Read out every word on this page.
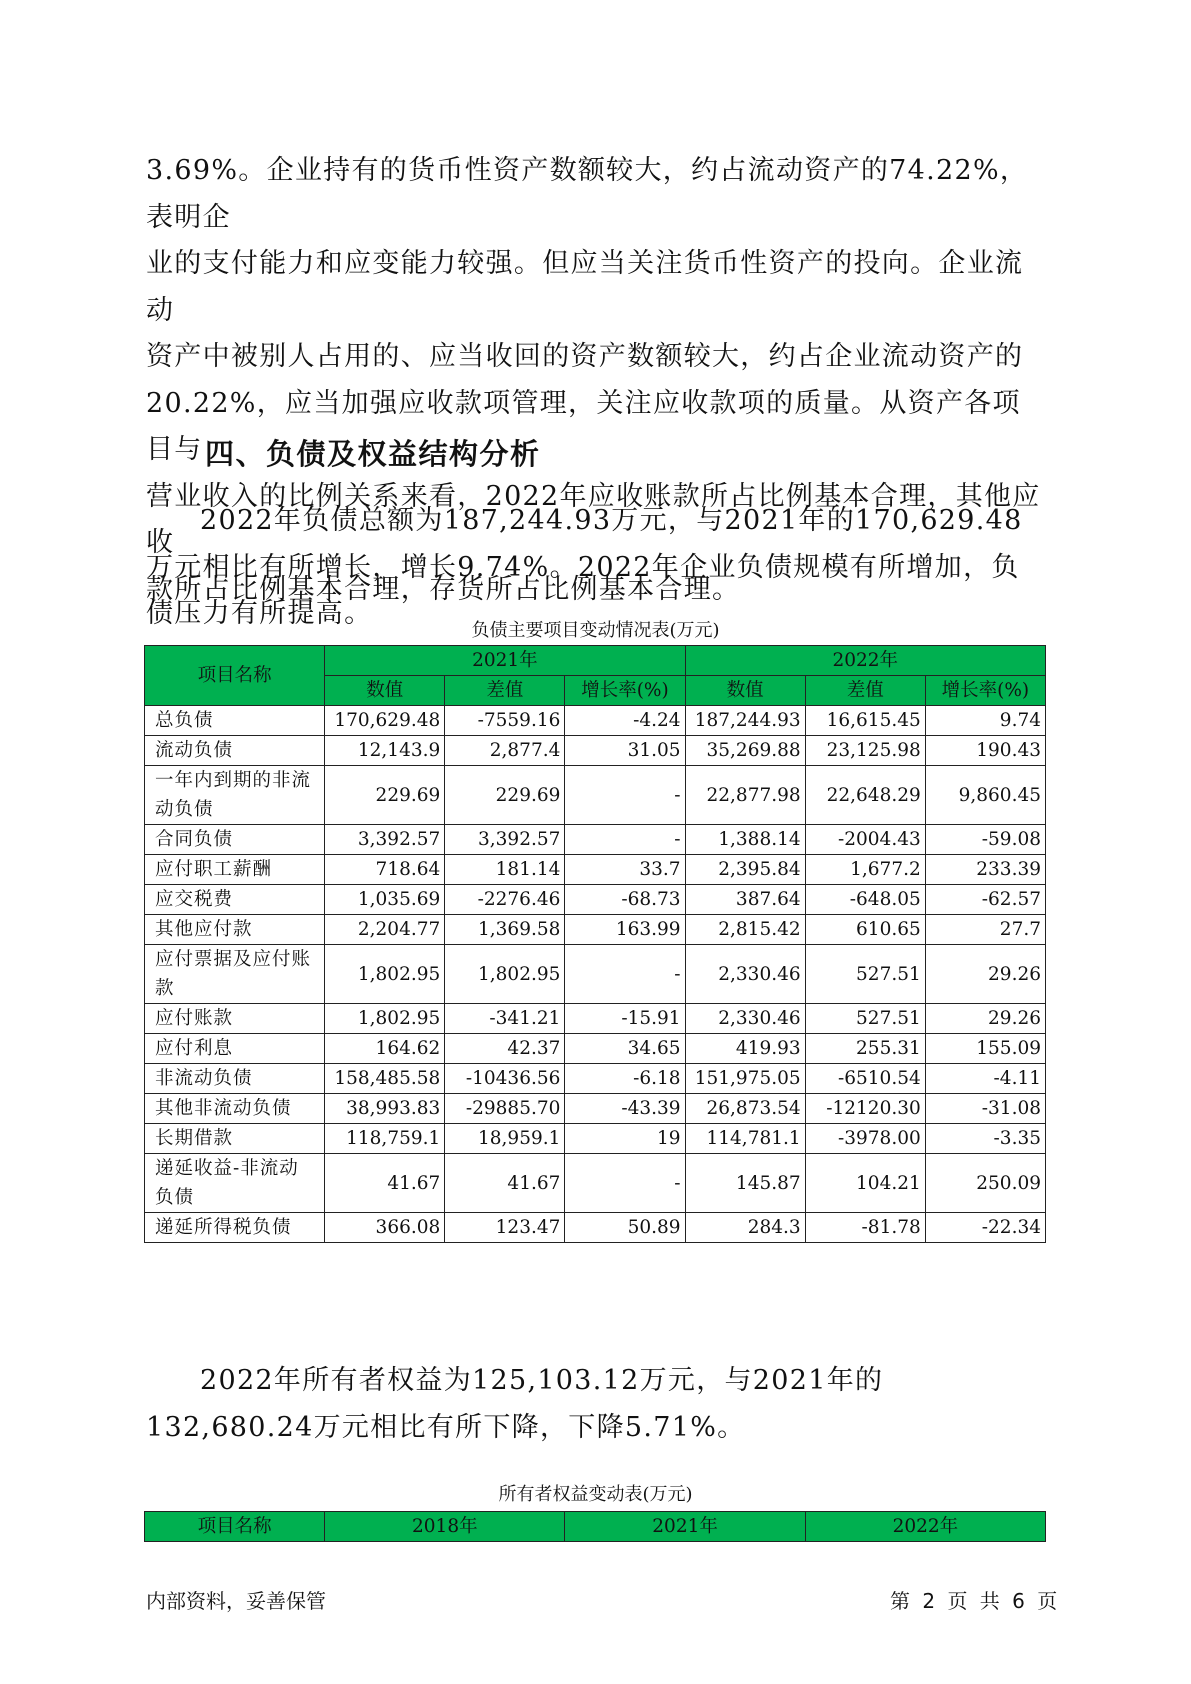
3.69%。企业持有的货币性资产数额较大，约占流动资产的74.22%，表明企
业的支付能力和应变能力较强。但应当关注货币性资产的投向。企业流动
资产中被别人占用的、应当收回的资产数额较大，约占企业流动资产的
20.22%，应当加强应收款项管理，关注应收款项的质量。从资产各项目与
营业收入的比例关系来看，2022年应收账款所占比例基本合理，其他应收
款所占比例基本合理，存货所占比例基本合理。
四、负债及权益结构分析

2022年负债总额为187,244.93万元，与2021年的170,629.48万元相比有所增长，增长9.74%。2022年企业负债规模有所增加，负债压力有所提高。

负债主要项目变动情况表(万元)

项目名称	2021年			2022年		
	数值	差值	增长率(%)	数值	差值	增长率(%)
总负债	170,629.48	-7559.16	-4.24	187,244.93	16,615.45	9.74
流动负债	12,143.9	2,877.4	31.05	35,269.88	23,125.98	190.43
一年内到期的非流动负债	229.69	229.69	-	22,877.98	22,648.29	9,860.45
合同负债	3,392.57	3,392.57	-	1,388.14	-2004.43	-59.08
应付职工薪酬	718.64	181.14	33.7	2,395.84	1,677.2	233.39
应交税费	1,035.69	-2276.46	-68.73	387.64	-648.05	-62.57
其他应付款	2,204.77	1,369.58	163.99	2,815.42	610.65	27.7
应付票据及应付账款	1,802.95	1,802.95	-	2,330.46	527.51	29.26
应付账款	1,802.95	-341.21	-15.91	2,330.46	527.51	29.26
应付利息	164.62	42.37	34.65	419.93	255.31	155.09
非流动负债	158,485.58	-10436.56	-6.18	151,975.05	-6510.54	-4.11
其他非流动负债	38,993.83	-29885.70	-43.39	26,873.54	-12120.30	-31.08
长期借款	118,759.1	18,959.1	19	114,781.1	-3978.00	-3.35
递延收益-非流动负债	41.67	41.67	-	145.87	104.21	250.09
递延所得税负债	366.08	123.47	50.89	284.3	-81.78	-22.34

2022年所有者权益为125,103.12万元，与2021年的132,680.24万元相比有所下降，下降5.71%。

所有者权益变动表(万元)

项目名称	2018年	2021年	2022年
内部资料，妥善保管	第 2 页 共 6 页
